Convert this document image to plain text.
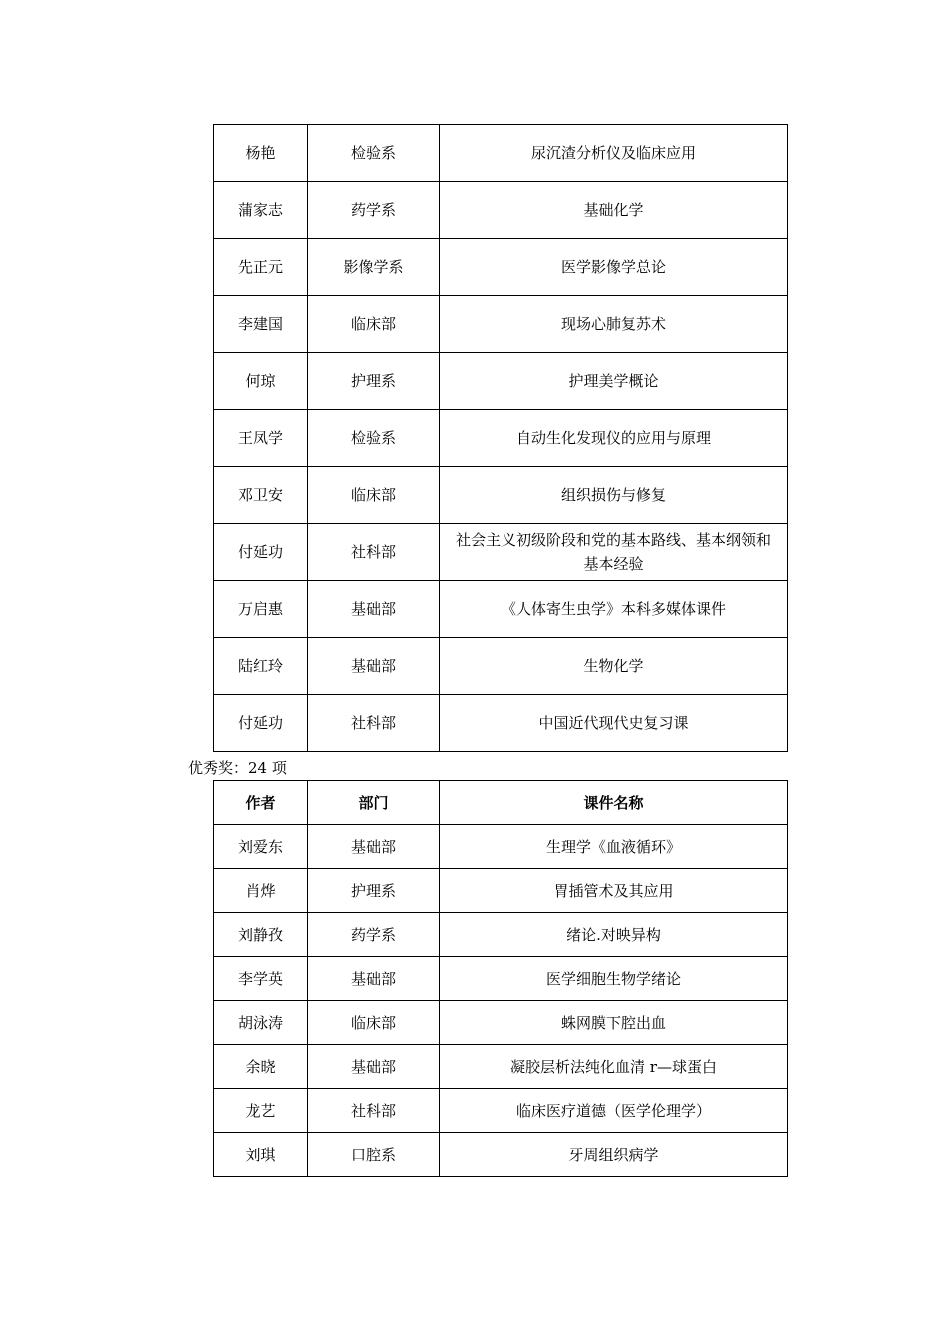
杨艳	检验系	尿沉渣分析仪及临床应用
蒲家志	药学系	基础化学
先正元	影像学系	医学影像学总论
李建国	临床部	现场心肺复苏术
何琼	护理系	护理美学概论
王凤学	检验系	自动生化发现仪的应用与原理
邓卫安	临床部	组织损伤与修复
付延功	社科部	社会主义初级阶段和党的基本路线、基本纲领和基本经验
万启惠	基础部	《人体寄生虫学》本科多媒体课件
陆红玲	基础部	生物化学
付延功	社科部	中国近代现代史复习课
优秀奖：24 项
作者	部门	课件名称
刘爱东	基础部	生理学《血液循环》
肖烨	护理系	胃插管术及其应用
刘静孜	药学系	绪论.对映异构
李学英	基础部	医学细胞生物学绪论
胡泳涛	临床部	蛛网膜下腔出血
余晓	基础部	凝胶层析法纯化血清 r—球蛋白
龙艺	社科部	临床医疗道德（医学伦理学）
刘琪	口腔系	牙周组织病学
